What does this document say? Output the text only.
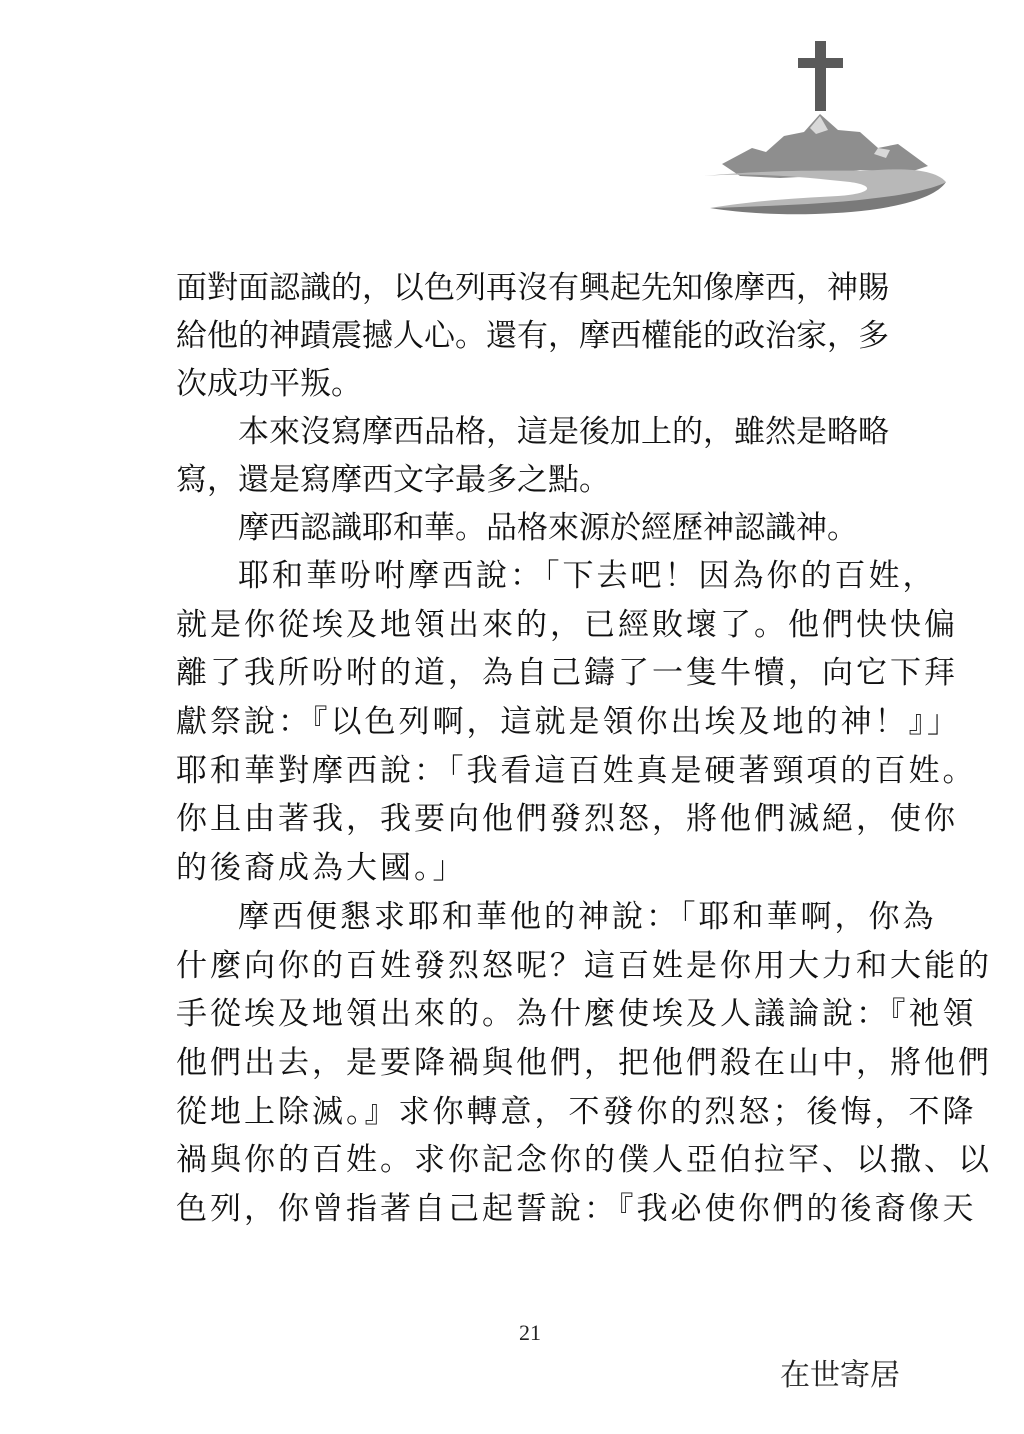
面對面認識的，以色列再沒有興起先知像摩西，神賜
給他的神蹟震撼人心。還有，摩西權能的政治家，多
次成功平叛。
本來沒寫摩西品格，這是後加上的，雖然是略略
寫，還是寫摩西文字最多之點。
摩西認識耶和華。品格來源於經歷神認識神。
耶和華吩咐摩西說：「下去吧！因為你的百姓，
就是你從埃及地領出來的，已經敗壞了。他們快快偏
離了我所吩咐的道，為自己鑄了一隻牛犢，向它下拜
獻祭說：『以色列啊，這就是領你出埃及地的神！』」
耶和華對摩西說：「我看這百姓真是硬著頸項的百姓。
你且由著我，我要向他們發烈怒，將他們滅絕，使你
的後裔成為大國。」
摩西便懇求耶和華他的神說：「耶和華啊，你為
什麼向你的百姓發烈怒呢？這百姓是你用大力和大能的
手從埃及地領出來的。為什麼使埃及人議論說：『祂領
他們出去，是要降禍與他們，把他們殺在山中，將他們
從地上除滅。』求你轉意，不發你的烈怒；後悔，不降
禍與你的百姓。求你記念你的僕人亞伯拉罕、以撒、以
色列，你曾指著自己起誓說：『我必使你們的後裔像天
21
在世寄居
